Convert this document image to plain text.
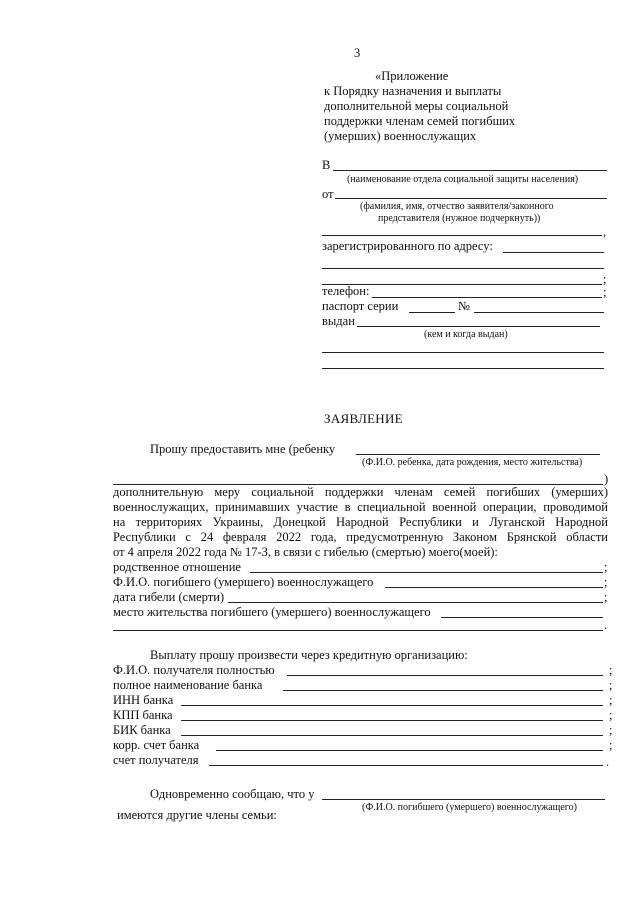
3
«Приложение
к Порядку назначения и выплаты
дополнительной меры социальной
поддержки членам семей погибших
(умерших) военнослужащих
В
(наименование отдела социальной защиты населения)
от
(фамилия, имя, отчество заявителя/законного
представителя (нужное подчеркнуть))
,
зарегистрированного по адресу:
;
телефон:	;
паспорт серии	№
выдан
(кем и когда выдан)
ЗАЯВЛЕНИЕ
Прошу предоставить мне (ребенку
(Ф.И.О. ребенка, дата рождения, место жительства)
)
дополнительную меру социальной поддержки членам семей погибших (умерших)
военнослужащих, принимавших участие в специальной военной операции, проводимой
на территориях Украины, Донецкой Народной Республики и Луганской Народной
Республики с 24 февраля 2022 года, предусмотренную Законом Брянской области
от 4 апреля 2022 года № 17-З, в связи с гибелью (смертью) моего(моей):
родственное отношение	;
Ф.И.О. погибшего (умершего) военнослужащего	;
дата гибели (смерти)	;
место жительства погибшего (умершего) военнослужащего
.
Выплату прошу произвести через кредитную организацию:
Ф.И.О. получателя полностью	;
полное наименование банка	;
ИНН банка	;
КПП банка	;
БИК банка	;
корр. счет банка	;
счет получателя	.
Одновременно сообщаю, что у
(Ф.И.О. погибшего (умершего) военнослужащего)
имеются другие члены семьи:
